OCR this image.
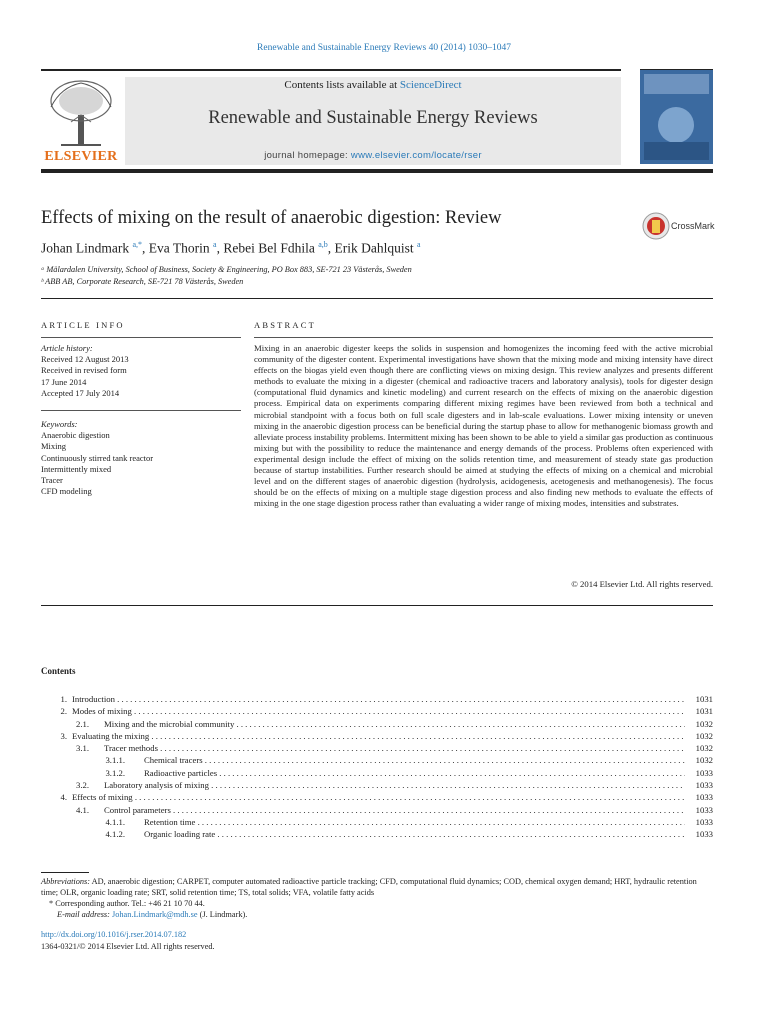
Renewable and Sustainable Energy Reviews 40 (2014) 1030–1047
ELSEVIER
Contents lists available at ScienceDirect
Renewable and Sustainable Energy Reviews
journal homepage: www.elsevier.com/locate/rser
Effects of mixing on the result of anaerobic digestion: Review	CrossMark
Johan Lindmark $^{a,*}$, Eva Thorin $^a$, Rebei Bel Fdhila $^{a,b}$, Erik Dahlquist $^a$
ᵃ Mälardalen University, School of Business, Society & Engineering, PO Box 883, SE-721 23 Västerås, Sweden
ᵇ ABB AB, Corporate Research, SE-721 78 Västerås, Sweden
ARTICLE INFO	ABSTRACT
Article history:
Received 12 August 2013
Received in revised form
17 June 2014
Accepted 17 July 2014
Keywords:
Anaerobic digestion
Mixing
Continuously stirred tank reactor
Intermittently mixed
Tracer
CFD modeling
Mixing in an anaerobic digester keeps the solids in suspension and homogenizes the incoming feed with the active microbial community of the digester content. Experimental investigations have shown that the mixing mode and mixing intensity have direct effects on the biogas yield even though there are conflicting views on mixing design. This review analyzes and presents different methods to evaluate the mixing in a digester (chemical and radioactive tracers and laboratory analysis), tools for digester design (computational fluid dynamics and kinetic modeling) and current research on the effects of mixing on the anaerobic digestion process. Empirical data on experiments comparing different mixing regimes have been reviewed from both a technical and microbial standpoint with a focus both on full scale digesters and in lab-scale evaluations. Lower mixing intensity or uneven mixing in the anaerobic digestion process can be beneficial during the startup phase to allow for methanogenic biomass growth and alleviate process instability problems. Intermittent mixing has been shown to be able to yield a similar gas production as continuous mixing but with the possibility to reduce the maintenance and energy demands of the process. Problems often experienced with experimental design include the effect of mixing on the solids retention time, and measurement of steady state gas production because of startup instabilities. Further research should be aimed at studying the effects of mixing on a chemical and microbial level and on the different stages of anaerobic digestion (hydrolysis, acidogenesis, acetogenesis and methanogenesis). The focus should be on the effects of mixing on a multiple stage digestion process and also finding new methods to evaluate the effects of mixing in the one stage digestion process rather than evaluating a wider range of mixing modes, intensities and substrates.
© 2014 Elsevier Ltd. All rights reserved.
Contents
1. Introduction . . .	1031
2. Modes of mixing . . .	1031
2.1. Mixing and the microbial community . . .	1032
3. Evaluating the mixing . . .	1032
3.1. Tracer methods . . .	1032
3.1.1. Chemical tracers . . .	1032
3.1.2. Radioactive particles . . .	1033
3.2. Laboratory analysis of mixing . . .	1033
4. Effects of mixing . . .	1033
4.1. Control parameters . . .	1033
4.1.1. Retention time . . .	1033
4.1.2. Organic loading rate . . .	1033
Abbreviations: AD, anaerobic digestion; CARPET, computer automated radioactive particle tracking; CFD, computational fluid dynamics; COD, chemical oxygen demand; HRT, hydraulic retention time; OLR, organic loading rate; SRT, solid retention time; TS, total solids; VFA, volatile fatty acids
* Corresponding author. Tel.: +46 21 10 70 44.
E-mail address: Johan.Lindmark@mdh.se (J. Lindmark).
http://dx.doi.org/10.1016/j.rser.2014.07.182
1364-0321/© 2014 Elsevier Ltd. All rights reserved.
